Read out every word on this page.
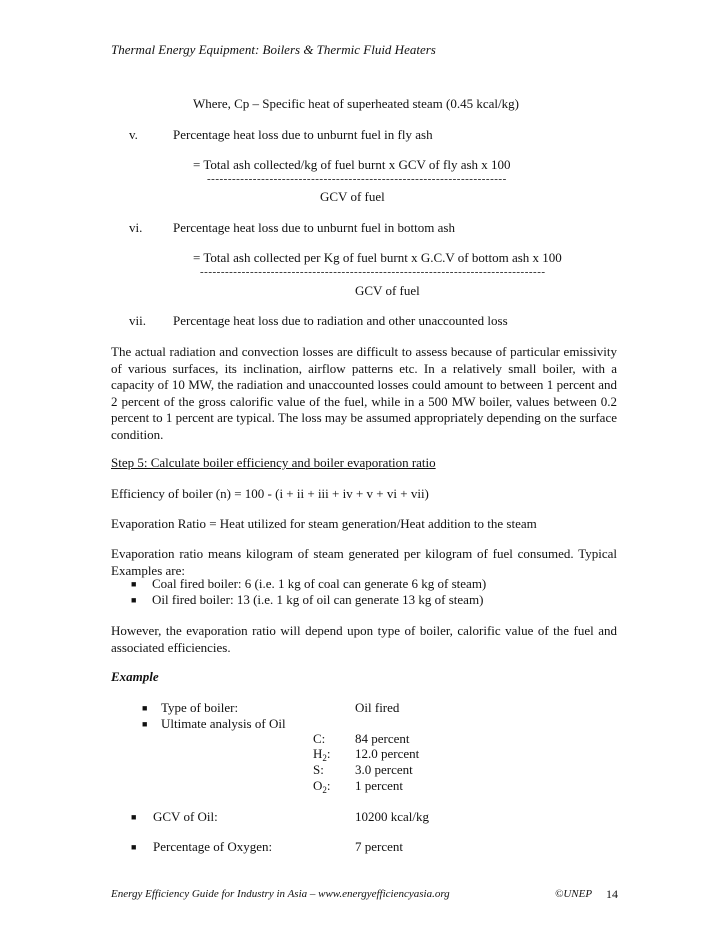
Thermal Energy Equipment: Boilers & Thermic Fluid Heaters
Where, Cp – Specific heat of superheated steam (0.45 kcal/kg)
v.	Percentage heat loss due to unburnt fuel in fly ash
= Total ash collected/kg of fuel burnt x GCV of fly ash x 100
------------------------------------------------------------------------
GCV of fuel
vi. Percentage heat loss due to unburnt fuel in bottom ash
= Total ash collected per Kg of fuel burnt x G.C.V of bottom ash x 100
-----------------------------------------------------------------------------------
GCV of fuel
vii. Percentage heat loss due to radiation and other unaccounted loss
The actual radiation and convection losses are difficult to assess because of particular emissivity of various surfaces, its inclination, airflow patterns etc. In a relatively small boiler, with a capacity of 10 MW, the radiation and unaccounted losses could amount to between 1 percent and 2 percent of the gross calorific value of the fuel, while in a 500 MW boiler, values between 0.2 percent to 1 percent are typical. The loss may be assumed appropriately depending on the surface condition.
Step 5: Calculate boiler efficiency and boiler evaporation ratio
Efficiency of boiler (n) = 100 - (i + ii + iii + iv + v + vi + vii)
Evaporation Ratio = Heat utilized for steam generation/Heat addition to the steam
Evaporation ratio means kilogram of steam generated per kilogram of fuel consumed. Typical Examples are:
■ Coal fired boiler: 6 (i.e. 1 kg of coal can generate 6 kg of steam)
■ Oil fired boiler: 13 (i.e. 1 kg of oil can generate 13 kg of steam)
However, the evaporation ratio will depend upon type of boiler, calorific value of the fuel and associated efficiencies.
Example
■ Type of boiler:	Oil fired
■ Ultimate analysis of Oil
C: 84 percent
$H_2$: 12.0 percent
S: 3.0 percent
$O_2$: 1 percent
■ GCV of Oil:	10200 kcal/kg
■ Percentage of Oxygen:	7 percent
Energy Efficiency Guide for Industry in Asia – www.energyefficiencyasia.org	©UNEP 14
